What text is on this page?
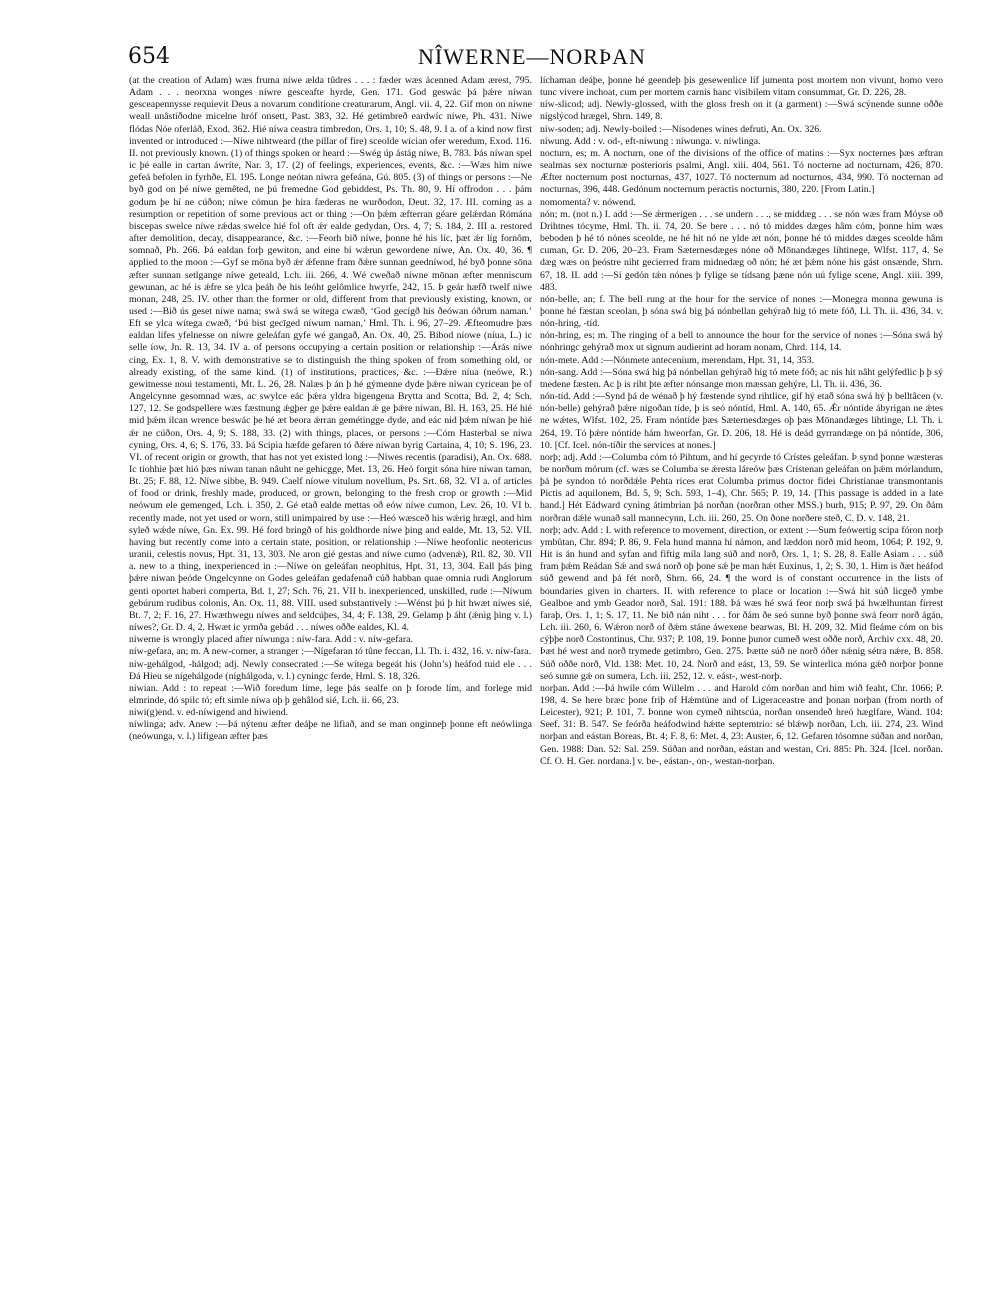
654	NÎWERNE—NORÞAN

(at the creation of Adam) wæs fruma níwe ælda tûdres . . . : fæder wæs ácenned Adam ærest, 795. Adam . . . neorxna wonges níwre gesceafte hyrde, Gen. 171. God geswác þá þǽre níwan gesceapennysse requievit Deus a novarum conditione creaturarum, Angl. vii. 4, 22. Gif mon on níwne weall unâstíðodne micelne hróf onsett, Past. 383, 32. Hé getimbreð eardwíc níwe, Ph. 431. Níwe flódas Nóe oferláð, Exod. 362. Hié níwa ceastra timbredon, Ors. 1, 10; S. 48, 9. I a. of a kind now first invented or introduced :—Níwe nihtweard (the pillar of fire) sceolde wícian ofer weredum, Exod. 116. II. not previously known. (1) of things spoken or heard :—Swég úp ástág níwe, B. 783. Þás níwan spel ic þé ealle in cartan áwríte, Nar. 3, 17. (2) of feelings, experiences, events, &c. :—Wæs him níwe gefeá befolen in fyrhðe, El. 195. Longe neótan níwra gefeána, Gú. 805. (3) of things or persons :—Ne byð god on þé níwe gemêted, ne þú fremedne God gebiddest, Ps. Th. 80, 9. Hí offrodon . . . þám godum þe hí ne cúðon; níwe cómun þe hira fæderas ne wurðodon, Deut. 32, 17. III. coming as a resumption or repetition of some previous act or thing :—On þǽm æfterran géare gelǽrdan Rómána biscepas swelce níwe rǽdas swelce hié fol oft ǽr ealde gedydan, Ors. 4, 7; S. 184, 2. III a. restored after demolition, decay, disappearance, &c. :—Feorh bið níwe, þonne hé his líc, þæt ǽr líg fornôm, somnað, Ph. 266. Þá ealdan forþ gewiton, and eine bí wǽrun gewordene níwe, An. Ox. 40, 36. ¶ applied to the moon :—Gyf se mōna byð ǽr ǽfenne fram ðǽre sunnan geedníwod, hé byð þonne sōna æfter sunnan setlgange níwe geteald, Lch. iii. 266, 4. Wé cweðað níwne mōnan æfter menniscum gewunan, ac hé is ǽfre se ylca þeáh ðe his leóht gelômlice hwyrfe, 242, 15. Þ geár hæfð twelf níwe monan, 248, 25. IV. other than the former or old, different from that previously existing, known, or used :—Bið ús geset níwe nama; swá swá se wítega cwæð, ‘God gecígð his ðeówan óðrum naman.’ Eft se ylca wítega cwæð, ‘Þú bist gecīged níwum naman,’ Hml. Th. i. 96, 27–29. Æfteomudre þæs ealdan lífes yfelnesse on níwre geleáfan gyfe wé gangað, An. Ox. 40, 25. Bibod níowe (níua, L.) ic selle íow, Jn. R. 13, 34. IV a. of persons occupying a certain position or relationship :—Árás níwe cing, Ex. 1, 8. V. with demonstrative se to distinguish the thing spoken of from something old, or already existing, of the same kind. (1) of institutions, practices, &c. :—Ðǽre níua (neówe, R.) gewitnesse noui testamenti, Mt. L. 26, 28. Nalæs þ án þ hé gýmenne dyde þǽre níwan cyricean þe of Angelcynne gesomnad wæs, ac swylce eác þǽra yldra bigengena Brytta and Scotta, Bd. 2, 4; Sch. 127, 12. Se godspellere wæs fæstnung ǽgþer ge þǽre ealdan ǽ ge þǽre níwan, Bl. H. 163, 25. Hé hié mid þǽm ilcan wrence beswác þe hé æt beora ǽrran gemétingge dyde, and eác nid þǽm níwan þe hié ǽr ne cúðon, Ors. 4, 9; S. 188, 33. (2) with things, places, or persons :—Cóm Hasterbal se níwa cyning, Ors. 4, 6; S. 176, 33. Þá Scipia hæfde gefaren tó ðǽre níwan byrig Cartaina, 4, 10; S. 196, 23. VI. of recent origin or growth, that has not yet existed long :—Níwes recentis (paradisi), An. Ox. 688. Ic tíohhie þæt hió þæs níwan tanan nâuht ne gehicgge, Met. 13, 26. Heó forgit sóna híre níwan taman, Bt. 25; F. 88, 12. Níwe sibbe, B. 949. Caelf níowe vitulum novellum, Ps. Srt. 68, 32. VI a. of articles of food or drink, freshly made, produced, or grown, belonging to the fresh crop or growth :—Mid neówum ele gemenged, Lch. i. 350, 2. Gé etað ealde mettas oð eów níwe cumon, Lev. 26, 10. VI b. recently made, not yet used or worn, still unimpaired by use :—Heó wæsceð his wǽrig hrægl, and him syleð wǽde níwe, Gn. Ex. 99. Hé ford bringð of his goldhorde níwe þing and ealde, Mt. 13, 52. VII. having but recently come into a certain state, position, or relationship :—Níwe heofonlic neotericus uranii, celestis novus, Hpt. 31, 13, 303. Ne aron gié gestas and níwe cumo (advenǽ), Rtl. 82, 30. VII a. new to a thing, inexperienced in :—Níwe on geleáfan neophitus, Hpt. 31, 13, 304. Eall þás þing þǽre níwan þeóde Ongelcynne on Godes geleáfan gedafenað cúð habban quae omnia rudi Anglorum genti oportet haberi comperta, Bd. 1, 27; Sch. 76, 21. VII b. inexperienced, unskilled, rude :—Níwum gebúrum rudibus colonis, An. Ox. 11, 88. VIII. used substantively :—Wénst þú þ hit hwæt níwes sié, Bt. 7, 2; F. 16, 27. Hwæthwegu níwes and seldcúþes, 34, 4; F. 138, 29. Gelamp þ áht (ǽnig þing v. l.) níwes?, Gr. D. 4, 2. Hwæt ic yrmða gebád . . . níwes oððe ealdes, Kl. 4.

níwerne is wrongly placed after níwunga : níw-fara. Add : v. níw-gefara.

níw-gefara, an; m. A new-comer, a stranger :—Nígefaran tó tûne feccan, Ll. Th. i. 432, 16. v. níw-fara.

níw-gehálgod, -hálgod; adj. Newly consecrated :—Se wítega begeát his (John’s) heáfod tuid ele . . . Ðá Hieu se nígehálgode (níghálgoda, v. l.) cyningc ferde, Hml. S. 18, 326.

níwian. Add : to repeat :—Wið foredum líme, lege þás sealfe on þ forode lím, and forlege mid elmrinde, dó spilc tó; eft simle níwa oþ þ gehâlod sié, Lch. ii. 66, 23.

níwi(g)end. v. ed-níwigend and híwiend.

níwlinga; adv. Anew :—Þá nýtenu æfter deáþe ne lifiað, and se man onginneþ þonne eft neówlinga (neówunga, v. l.) lifigean æfter þæs

líchaman deáþe, þonne hé geendeþ þis gesewenlice líf jumenta post mortem non vivunt, homo vero tunc vivere inchoat, cum per mortem carnis hanc visibilem vitam consummat, Gr. D. 226, 28.

níw-slicod; adj. Newly-glossed, with the gloss fresh on it (a garment) :—Swá scýnende sunne oððe nígslýcod hrægel, Shrn. 149, 8.

níw-soden; adj. Newly-boiled :—Nísodenes wínes defruti, An. Ox. 326.

níwung. Add : v. od-, eft-níwung : níwunga. v. níwlinga.

nocturn, es; m. A nocturn, one of the divisions of the office of matins :—Syx nocternes þæs æftran sealmas sex nocturnæ posterioris psalmi, Angl. xiii. 404, 561. Tó nocterne ad nocturnam, 426, 870. Æfter nocternum post nocturnas, 437, 1027. Tó nocternum ad nocturnos, 434, 990. Tó nocternan ad nocturnas, 396, 448. Gedónum nocternum peractis nocturnis, 380, 220. [From Latin.]

nomomenta? v. nówend.

nón; m. (not n.) I. add :—Se ǽrmerigen . . . se undern . . ., se middæg . . . se nón wæs fram Móyse oð Drihtnes tócyme, Hml. Th. ii. 74, 20. Se bere . . . nó tó middes dæges hâm cóm, þonne him wæs beboden þ hé tó nónes sceolde, ne hé hit nó ne ylde æt nón, þonne hé tó middes dæges sceolde hâm cuman, Gr. D. 206, 20–23. Fram Sæternesdæges nóne oð Mōnandæges líhtinege, Wlfst. 117, 4. Se dæg wæs on þeóstre niht gecierred fram midnedæg oð nón; hé æt þǽm nóne his gást onsænde, Shrn. 67, 18. II. add :—Sí gedón tǽn nónes þ fylige se tídsang þæne nón uú fylige scene, Angl. xiii. 399, 483.

nón-belle, an; f. The bell rung at the hour for the service of nones :—Monegra monna gewuna is þonne hé fæstan sceolan, þ sóna swá big þá nónbellan gehýrað hig tó mete fóð, Ll. Th. ii. 436, 34. v. nón-hring, -tíd.

nón-hring, es; m. The ringing of a bell to announce the hour for the service of nones :—Sóna swá hý nónhringc gehýrað mox ut signum audierint ad horam nonam, Chrd. 114, 14.

nón-mete. Add :—Nónmete antecenium, merendam, Hpt. 31, 14, 353.

nón-sang. Add :—Sóna swá hig þá nónbellan gehýrað hig tó mete fóð; ac nis hit nâht gelýfedlic þ þ sý tnedene fæsten. Ac þ is riht þte æfter nónsange mon mæssan gehýre, Ll. Th. ii. 436, 36.

nón-tíd. Add :—Synd þá de wénað þ hý fæstende synd rihtlice, gif hý etað sóna swá hý þ belltâcen (v. nón-belle) gehýrað þǽre nigoðan tíde, þ is seó nóntíd, Hml. A. 140, 65. Ǽr nóntíde ábyrigan ne ǽtes ne wǽtes, Wlfst. 102, 25. Fram nóntíde þæs Sæternesdæges oþ þæs Mōnandæges líhtinge, Ll. Th. i. 264, 19. Tó þǽre nóntíde hám hweorfan, Gr. D. 206, 18. Hé is deád gyrrandæge on þá nóntíde, 306, 10. [Cf. Icel. nón-tíðir the services at nones.]

norþ; adj. Add :—Columba cóm tó Pihtum, and hí gecyrde tó Crístes geleáfan. Þ synd þonne wæsteras be norðum mórum (cf. wæs se Columba se ǽresta láreów þæs Crístenan geleáfan on þǽm mórlandum, þá þe syndon tó norðdǽle Pehta ríces erat Columba primus doctor fidei Christianae transmontanis Pictis ad aquilonem, Bd. 5, 9; Sch. 593, 1–4), Chr. 565; P. 19, 14. [This passage is added in a late hand.] Hét Eádward cyning átimbrian þá norðan (norðran other MSS.) burh, 915; P. 97, 29. On ðám norðran dǽle wunað sall mannecynn, Lch. iii. 260, 25. On ðone norðere steð, C. D. v. 148, 21.

norþ; adv. Add : I. with reference to movement, direction, or extent :—Sum feówertig scipa fóron norþ ymbûtan, Chr. 894; P. 86, 9. Fela hund manna hí námon, and læddon norð mid heom, 1064; P. 192, 9. Hit is án hund and syfan and fiftig míla lang súð and norð, Ors. 1, 1; S. 28, 8. Ealle Asiam . . . súð fram þǽm Reádan Sǽ and swá norð oþ þone sǽ þe man hǽt Euxinus, 1, 2; S. 30, 1. Him is ðæt heáfod súð gewend and þá fét norð, Shrn. 66, 24. ¶ the word is of constant occurrence in the lists of boundaries given in charters. II. with reference to place or location :—Swá hit súð licgeð ymbe Gealboe and ymb Geador norð, Sal. 191: 188. Þá wæs hé swá feor norþ swá þá hwælhuntan fírrest faraþ, Ors. 1, 1; S. 17, 11. Ne bið nán niht . . . for ðám ðe seó sunne byð þonne swá feorr norð ágán, Lch. iii. 260, 6. Wǽron norð of ðǽm stáne áwexene bearwas, Bl. H. 209, 32. Mid fleáme cóm on bis cýþþe norð Costontinus, Chr. 937; P. 108, 19. Þonne þunor cumeð west oððe norð, Archiv cxx. 48, 20. Þæt hé west and norð trymede getimbro, Gen. 275. Þætte súð ne norð óðer nǽnig sétra nǽre, B. 858. Súð oððe norð, Vld. 138: Met. 10, 24. Norð and eást, 13, 59. Se winterlica mónа gǽð norþor þonne seó sunne gǽ on sumera, Lch. iii. 252, 12. v. eást-, west-norþ.

norþan. Add :—Þá hwíle cóm Willelm . . . and Harold cóm norðan and him wið feaht, Chr. 1066; P. 198, 4. Se here bræc þone friþ of Hǽmtúne and of Ligeraceastre and þonan norþan (from north of Leicester), 921; P. 101, 7. Þonne won cymeð nihtscúa, norðan onsendeð hreó hæglfare, Wand. 104: Seef. 31: B. 547. Se feórða heáfodwind hǽtte septemtrio: sé blǽwþ norðan, Lch. iii. 274, 23. Wind norþan and eástan Boreas, Bt. 4; F. 8, 6: Met. 4, 23: Auster, 6, 12. Gefaren tósomne súðan and norðan, Gen. 1988: Dan. 52: Sal. 259. Súðan and norðan, eástan and westan, Cri. 885: Ph. 324. [Icel. norðan. Cf. O. H. Ger. nordana.] v. be-, eástan-, on-, westan-norþan.
